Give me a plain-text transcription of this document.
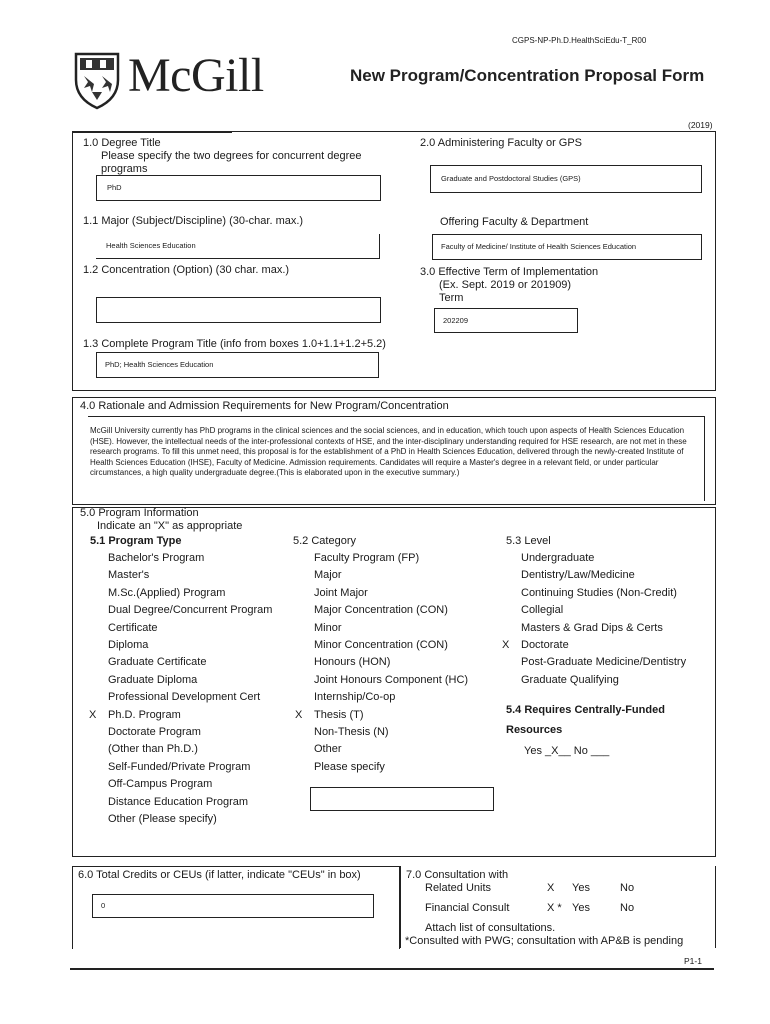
CGPS-NP-Ph.D.HealthSciEdu-T_R00
McGill	New Program/Concentration Proposal Form
(2019)
1.0 Degree Title
Please specify the two degrees for concurrent degree
programs
PhD
1.1 Major (Subject/Discipline) (30-char. max.)
Health Sciences Education
1.2 Concentration (Option) (30 char. max.)
1.3 Complete Program Title (info from boxes 1.0+1.1+1.2+5.2)
PhD; Health Sciences Education
2.0 Administering Faculty or GPS
Graduate and Postdoctoral Studies (GPS)
Offering Faculty & Department
Faculty of Medicine/ Institute of Health Sciences Education
3.0 Effective Term of Implementation
(Ex. Sept. 2019 or 201909)
Term
202209
4.0 Rationale and Admission Requirements for New Program/Concentration
McGill University currently has PhD programs in the clinical sciences and the social sciences, and in education, which touch upon aspects of Health Sciences Education (HSE). However, the intellectual needs of the inter-professional contexts of HSE, and the inter-disciplinary understanding required for HSE research, are not met in these research programs. To fill this unmet need, this proposal is for the establishment of a PhD in Health Sciences Education, delivered through the newly-created Institute of Health Sciences Education (IHSE), Faculty of Medicine. Admission requirements. Candidates will require a Master's degree in a relevant field, or under particular circumstances, a high quality undergraduate degree.(This is elaborated upon in the executive summary.)
5.0 Program Information
Indicate an "X" as appropriate
5.1 Program Type	5.2 Category	5.3 Level
Bachelor's Program
Master's
M.Sc.(Applied) Program
Dual Degree/Concurrent Program
Certificate
Diploma
Graduate Certificate
Graduate Diploma
Professional Development Cert
X Ph.D. Program
Doctorate Program
(Other than Ph.D.)
Self-Funded/Private Program
Off-Campus Program
Distance Education Program
Other (Please specify)
Faculty Program (FP)
Major
Joint Major
Major Concentration (CON)
Minor
Minor Concentration (CON)
Honours (HON)
Joint Honours Component (HC)
Internship/Co-op
X Thesis (T)
Non-Thesis (N)
Other
Please specify
Undergraduate
Dentistry/Law/Medicine
Continuing Studies (Non-Credit)
Collegial
Masters & Grad Dips & Certs
X Doctorate
Post-Graduate Medicine/Dentistry
Graduate Qualifying
5.4 Requires Centrally-Funded
Resources
Yes _X__ No ___
6.0 Total Credits or CEUs (if latter, indicate "CEUs" in box)
0
7.0 Consultation with
Related Units	X Yes	No
Financial Consult	X * Yes	No
Attach list of consultations.
*Consulted with PWG; consultation with AP&B is pending
P1-1
